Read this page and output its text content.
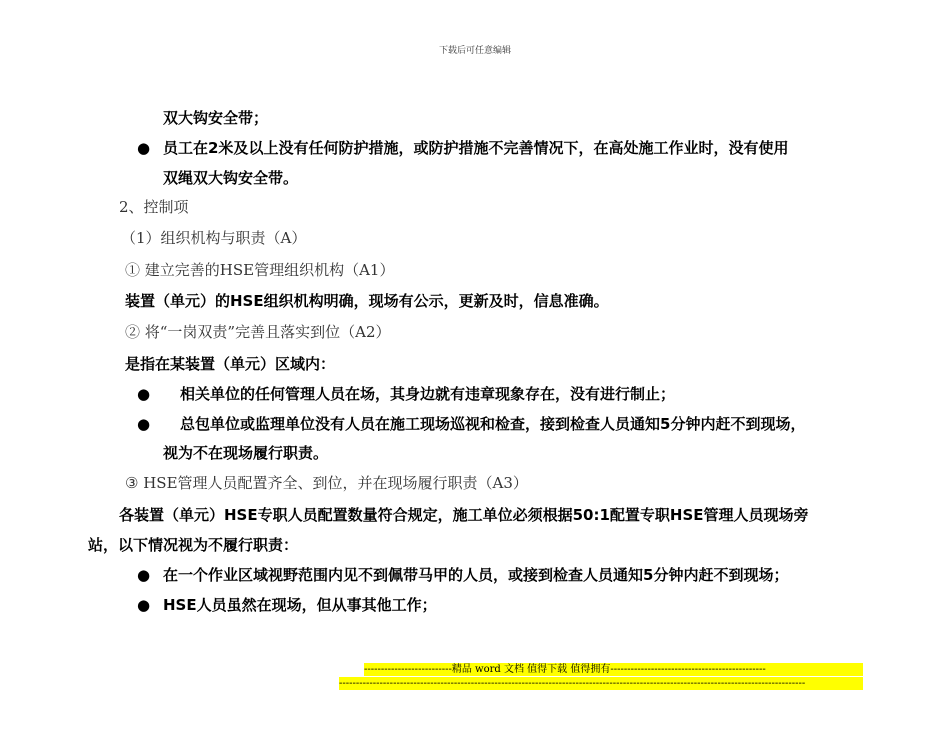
下载后可任意编辑
双大钩安全带；
● 员工在2米及以上没有任何防护措施，或防护措施不完善情况下，在高处施工作业时，没有使用
双绳双大钩安全带。
2、控制项
（1）组织机构与职责（A）
① 建立完善的HSE管理组织机构（A1）
装置（单元）的HSE组织机构明确，现场有公示，更新及时，信息准确。
② 将“一岗双责”完善且落实到位（A2）
是指在某装置（单元）区域内：
● 相关单位的任何管理人员在场，其身边就有违章现象存在，没有进行制止；
● 总包单位或监理单位没有人员在施工现场巡视和检查，接到检查人员通知5分钟内赶不到现场，
视为不在现场履行职责。
③ HSE管理人员配置齐全、到位，并在现场履行职责（A3）
各装置（单元）HSE专职人员配置数量符合规定，施工单位必须根据50:1配置专职HSE管理人员现场旁
站，以下情况视为不履行职责：
● 在一个作业区域视野范围内见不到佩带马甲的人员，或接到检查人员通知5分钟内赶不到现场；
● HSE人员虽然在现场，但从事其他工作；
--------------------------精品 word 文档 值得下载 值得拥有----------------------------------------------
------------------------------------------------------------------------------------------------------------------------------------------
